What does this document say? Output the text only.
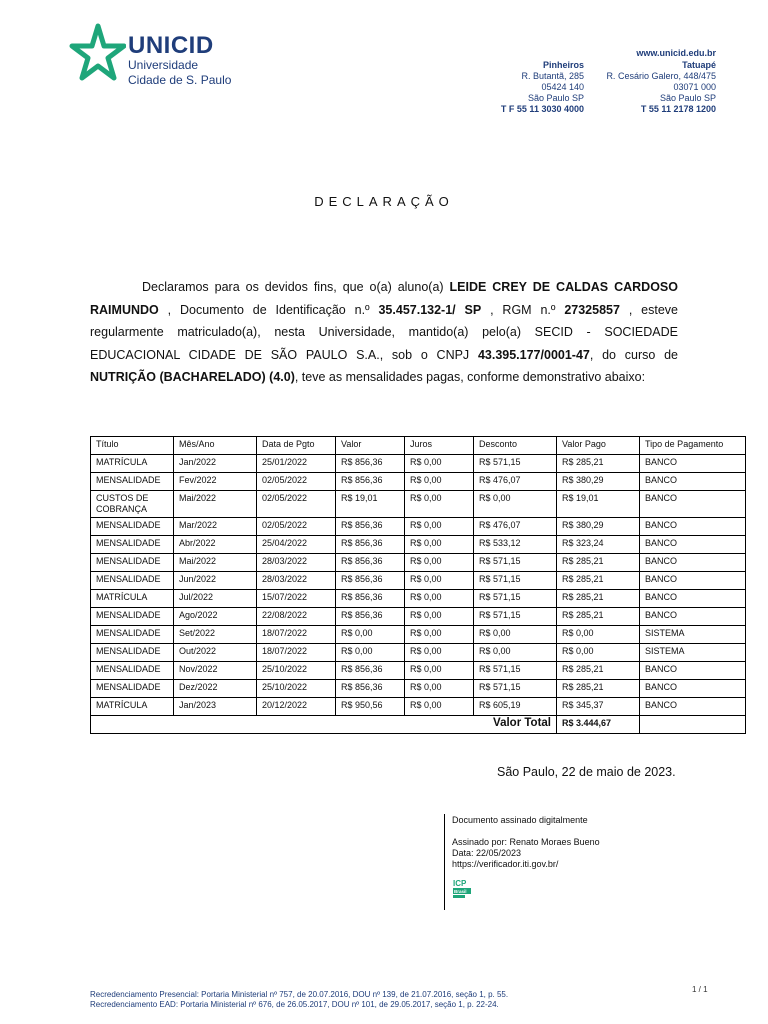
UNICID
Universidade
Cidade de S. Paulo
www.unicid.edu.br
Pinheiros
R. Butantã, 285
05424 140
São Paulo SP
T F 55 11 3030 4000
Tatuapé
R. Cesário Galero, 448/475
03071 000
São Paulo SP
T 55 11 2178 1200
DECLARAÇÃO
Declaramos para os devidos fins, que o(a) aluno(a) LEIDE CREY DE CALDAS CARDOSO RAIMUNDO , Documento de Identificação n.º 35.457.132-1/ SP , RGM n.º 27325857 , esteve regularmente matriculado(a), nesta Universidade, mantido(a) pelo(a) SECID - SOCIEDADE EDUCACIONAL CIDADE DE SÃO PAULO S.A., sob o CNPJ 43.395.177/0001-47, do curso de NUTRIÇÃO (BACHARELADO) (4.0), teve as mensalidades pagas, conforme demonstrativo abaixo:
Título	Mês/Ano	Data de Pgto	Valor	Juros	Desconto	Valor Pago	Tipo de Pagamento
MATRÍCULA	Jan/2022	25/01/2022	R$ 856,36	R$ 0,00	R$ 571,15	R$ 285,21	BANCO
MENSALIDADE	Fev/2022	02/05/2022	R$ 856,36	R$ 0,00	R$ 476,07	R$ 380,29	BANCO
CUSTOS DE COBRANÇA	Mai/2022	02/05/2022	R$ 19,01	R$ 0,00	R$ 0,00	R$ 19,01	BANCO
MENSALIDADE	Mar/2022	02/05/2022	R$ 856,36	R$ 0,00	R$ 476,07	R$ 380,29	BANCO
MENSALIDADE	Abr/2022	25/04/2022	R$ 856,36	R$ 0,00	R$ 533,12	R$ 323,24	BANCO
MENSALIDADE	Mai/2022	28/03/2022	R$ 856,36	R$ 0,00	R$ 571,15	R$ 285,21	BANCO
MENSALIDADE	Jun/2022	28/03/2022	R$ 856,36	R$ 0,00	R$ 571,15	R$ 285,21	BANCO
MATRÍCULA	Jul/2022	15/07/2022	R$ 856,36	R$ 0,00	R$ 571,15	R$ 285,21	BANCO
MENSALIDADE	Ago/2022	22/08/2022	R$ 856,36	R$ 0,00	R$ 571,15	R$ 285,21	BANCO
MENSALIDADE	Set/2022	18/07/2022	R$ 0,00	R$ 0,00	R$ 0,00	R$ 0,00	SISTEMA
MENSALIDADE	Out/2022	18/07/2022	R$ 0,00	R$ 0,00	R$ 0,00	R$ 0,00	SISTEMA
MENSALIDADE	Nov/2022	25/10/2022	R$ 856,36	R$ 0,00	R$ 571,15	R$ 285,21	BANCO
MENSALIDADE	Dez/2022	25/10/2022	R$ 856,36	R$ 0,00	R$ 571,15	R$ 285,21	BANCO
MATRÍCULA	Jan/2023	20/12/2022	R$ 950,56	R$ 0,00	R$ 605,19	R$ 345,37	BANCO
Valor Total						R$ 3.444,67	
São Paulo, 22 de maio de 2023.
Documento assinado digitalmente
Assinado por: Renato Moraes Bueno
Data: 22/05/2023
https://verificador.iti.gov.br/
ICP
Brasil
Recredenciamento Presencial: Portaria Ministerial nº 757, de 20.07.2016, DOU nº 139, de 21.07.2016, seção 1, p. 55.
Recredenciamento EAD: Portaria Ministerial nº 676, de 26.05.2017, DOU nº 101, de 29.05.2017, seção 1, p. 22-24.
1 / 1
